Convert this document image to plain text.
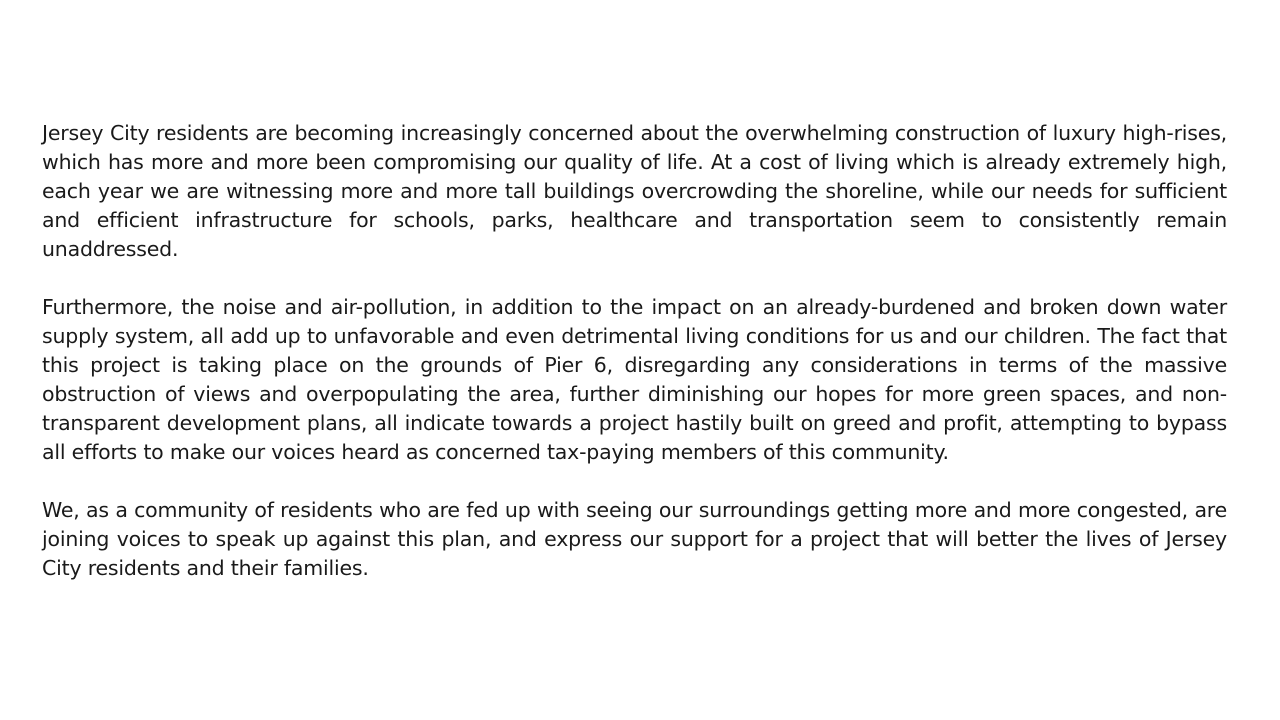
Jersey City residents are becoming increasingly concerned about the overwhelming construction of luxury high-rises, which has more and more been compromising our quality of life. At a cost of living which is already extremely high, each year we are witnessing more and more tall buildings overcrowding the shoreline, while our needs for sufficient and efficient infrastructure for schools, parks, healthcare and transportation seem to consistently remain unaddressed.

Furthermore, the noise and air-pollution, in addition to the impact on an already-burdened and broken down water supply system, all add up to unfavorable and even detrimental living conditions for us and our children. The fact that this project is taking place on the grounds of Pier 6, disregarding any considerations in terms of the massive obstruction of views and overpopulating the area, further diminishing our hopes for more green spaces, and non-transparent development plans, all indicate towards a project hastily built on greed and profit, attempting to bypass all efforts to make our voices heard as concerned tax-paying members of this community.

We, as a community of residents who are fed up with seeing our surroundings getting more and more congested, are joining voices to speak up against this plan, and express our support for a project that will better the lives of Jersey City residents and their families.
